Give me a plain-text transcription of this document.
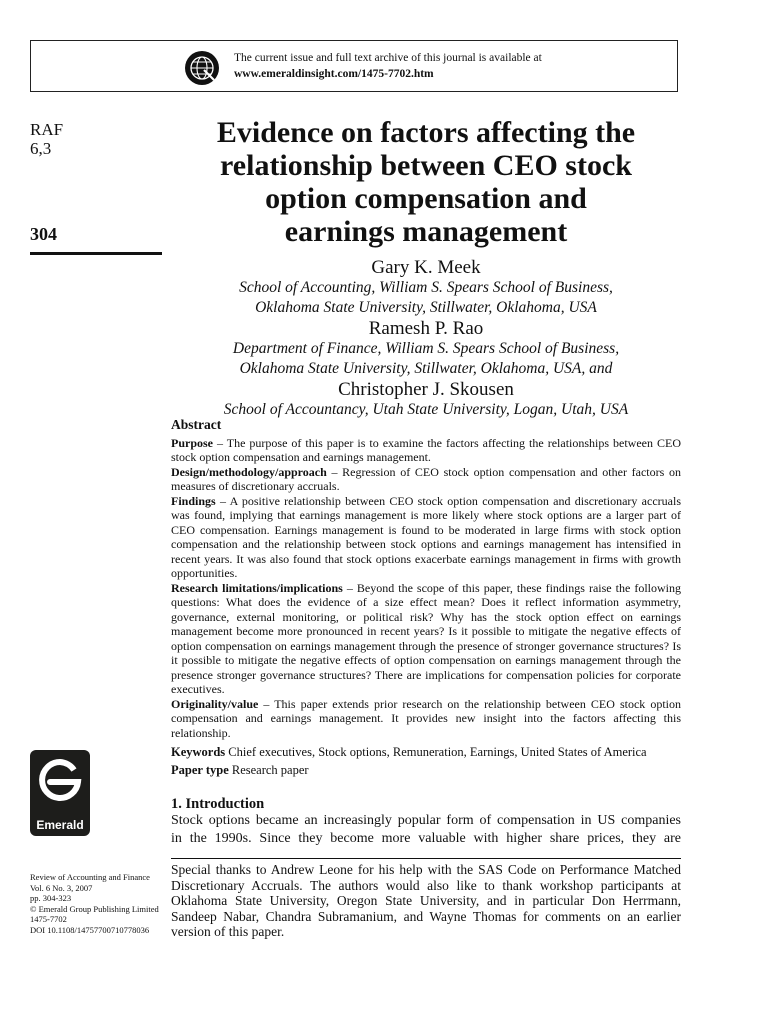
The current issue and full text archive of this journal is available at
www.emeraldinsight.com/1475-7702.htm
RAF
6,3
304
Evidence on factors affecting the
relationship between CEO stock
option compensation and
earnings management
Gary K. Meek
School of Accounting, William S. Spears School of Business,
Oklahoma State University, Stillwater, Oklahoma, USA
Ramesh P. Rao
Department of Finance, William S. Spears School of Business,
Oklahoma State University, Stillwater, Oklahoma, USA, and
Christopher J. Skousen
School of Accountancy, Utah State University, Logan, Utah, USA
Abstract

Purpose – The purpose of this paper is to examine the factors affecting the relationships between CEO stock option compensation and earnings management.

Design/methodology/approach – Regression of CEO stock option compensation and other factors on measures of discretionary accruals.

Findings – A positive relationship between CEO stock option compensation and discretionary accruals was found, implying that earnings management is more likely where stock options are a larger part of CEO compensation. Earnings management is found to be moderated in large firms with stock option compensation and the relationship between stock options and earnings management has intensified in recent years. It was also found that stock options exacerbate earnings management in firms with growth opportunities.

Research limitations/implications – Beyond the scope of this paper, these findings raise the following questions: What does the evidence of a size effect mean? Does it reflect information asymmetry, governance, external monitoring, or political risk? Why has the stock option effect on earnings management become more pronounced in recent years? Is it possible to mitigate the negative effects of option compensation on earnings management through the presence of stronger governance structures? Is it possible to mitigate the negative effects of option compensation on earnings management through the presence stronger governance structures? There are implications for compensation policies for corporate executives.

Originality/value – This paper extends prior research on the relationship between CEO stock option compensation and earnings management. It provides new insight into the factors affecting this relationship.

Keywords Chief executives, Stock options, Remuneration, Earnings, United States of America
Paper type Research paper
Emerald
1. Introduction
Stock options became an increasingly popular form of compensation in US companies
in the 1990s. Since they become more valuable with higher share prices, they are
Review of Accounting and Finance
Vol. 6 No. 3, 2007
pp. 304-323
© Emerald Group Publishing Limited
1475-7702
DOI 10.1108/14757700710778036
Special thanks to Andrew Leone for his help with the SAS Code on Performance Matched Discretionary Accruals. The authors would also like to thank workshop participants at Oklahoma State University, Oregon State University, and in particular Don Herrmann, Sandeep Nabar, Chandra Subramanium, and Wayne Thomas for comments on an earlier version of this paper.
